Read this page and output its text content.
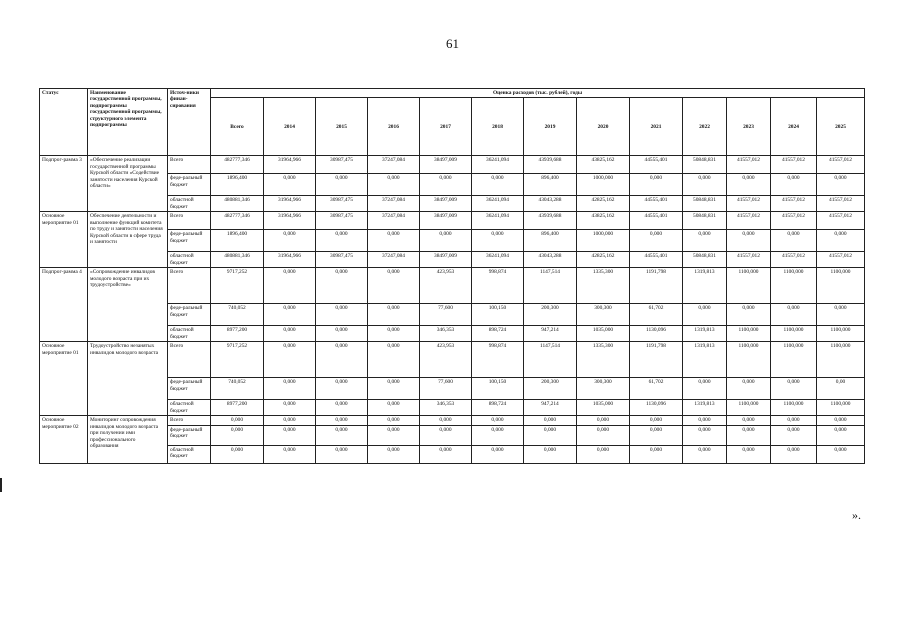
61
Статус	Наименование государственной программы, подпрограммы государственной программы, структурного элемента подпрограммы	Источ-ники финан-сирования	Оценка расходов (тыс. рублей), годы												
			Всего	2014	2015	2016	2017	2018	2019	2020	2021	2022	2023	2024	2025
Подпрог-рамма 3	«Обеспечение реализации государственной программы Курской области «Содействие занятости населения Курской области»	Всего	482777,346	31964,966	30987,475	37247,084	38497,009	36241,094	43939,688	43825,162	44555,401	50848,831	41557,012	41557,012	41557,012
		феде-ральный бюджет	1896,400	0,000	0,000	0,000	0,000	0,000	896,400	1000,000	0,000	0,000	0,000	0,000	0,000
		областной бюджет	480881,346	31964,966	30987,475	37247,084	38497,009	36241,094	43043,288	42825,162	44555,401	50848,831	41557,012	41557,012	41557,012
Основное мероприятие 01	Обеспечение деятельности и выполнение функций комитета по труду и занятости населения Курской области в сфере труда и занятости	Всего	482777,346	31964,966	30987,475	37247,084	38497,009	36241,094	43939,688	43825,162	44555,401	50848,831	41557,012	41557,012	41557,012
		феде-ральный бюджет	1896,400	0,000	0,000	0,000	0,000	0,000	896,400	1000,000	0,000	0,000	0,000	0,000	0,000
		областной бюджет	480881,346	31964,966	30987,475	37247,084	38497,009	36241,094	43043,288	42825,162	44555,401	50848,831	41557,012	41557,012	41557,012
Подпрог-рамма 4	«Сопровождение инвалидов молодого возраста при их трудоустройстве»	Всего	9717,252	0,000	0,000	0,000	423,953	998,874	1147,514	1335,300	1191,798	1319,813	1100,000	1100,000	1100,000
		феде-ральный бюджет	740,052	0,000	0,000	0,000	77,600	100,150	200,300	300,300	61,702	0,000	0,000	0,000	0,000
		областной бюджет	8977,200	0,000	0,000	0,000	346,353	898,724	947,214	1035,000	1130,096	1319,813	1100,000	1100,000	1100,000
Основное мероприятие 01	Трудоустройство незанятых инвалидов молодого возраста	Всего	9717,252	0,000	0,000	0,000	423,953	998,874	1147,514	1335,300	1191,798	1319,813	1100,000	1100,000	1100,000
		феде-ральный бюджет	740,052	0,000	0,000	0,000	77,600	100,150	200,300	300,300	61,702	0,000	0,000	0,000	0,00
		областной бюджет	8977,200	0,000	0,000	0,000	346,353	898,724	947,214	1035,000	1130,096	1319,813	1100,000	1100,000	1100,000
Основное мероприятие 02	Мониторинг сопровождения инвалидов молодого возраста при получении ими профессионального образования	Всего	0,000	0,000	0,000	0,000	0,000	0,000	0,000	0,000	0,000	0,000	0,000	0,000	0,000
		феде-ральный бюджет	0,000	0,000	0,000	0,000	0,000	0,000	0,000	0,000	0,000	0,000	0,000	0,000	0,000
		областной бюджет	0,000	0,000	0,000	0,000	0,000	0,000	0,000	0,000	0,000	0,000	0,000	0,000	0,000
».
